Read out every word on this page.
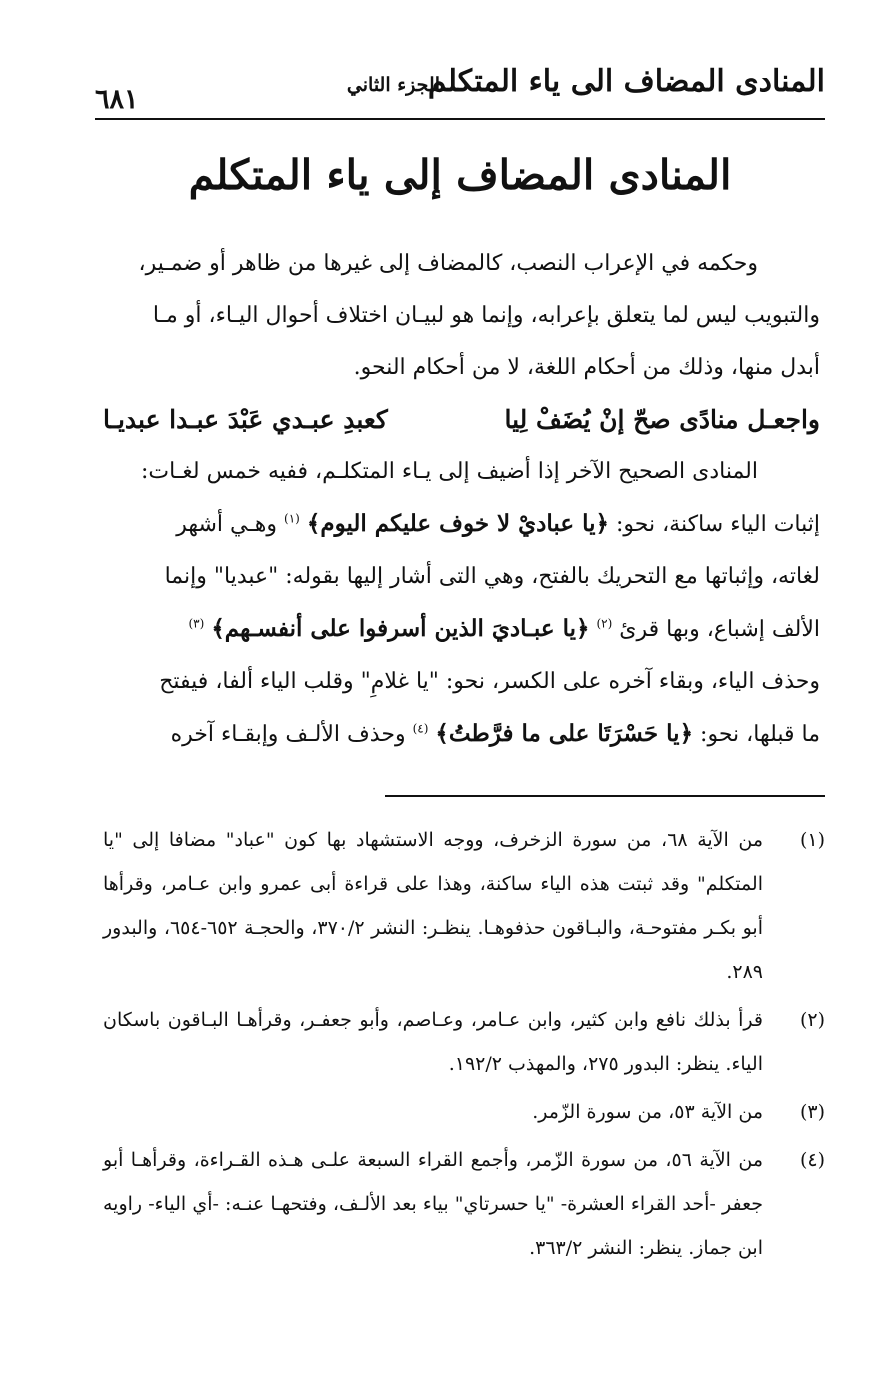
المنادى المضاف الى ياء المتكلم
الجزء الثاني
٦٨١
المنادى المضاف إلى ياء المتكلم

وحكمه في الإعراب النصب، كالمضاف إلى غيرها من ظاهر أو ضمـير،

والتبويب ليس لما يتعلق بإعرابه، وإنما هو لبيـان اختلاف أحوال اليـاء، أو مـا

أبدل منها، وذلك من أحكام اللغة، لا من أحكام النحو.

واجعـل منادًى صحّ إنْ يُضَفْ لِيا
كعبدِ عبـدي عَبْدَ عبـدا عبديـا

المنادى الصحيح الآخر إذا أضيف إلى يـاء المتكلـم، ففيه خمس لغـات:

إثبات الياء ساكنة، نحو: ﴿يا عباديْ لا خوف عليكم اليوم﴾ $^{(١)}$ وهـي أشهر

لغاته، وإثباتها مع التحريك بالفتح، وهي التى أشار إليها بقوله: "عبديا" وإنما

الألف إشباع، وبها قرئ $^{(٢)}$ ﴿يا عبـاديَ الذين أسرفوا على أنفسـهم﴾ $^{(٣)}$

وحذف الياء، وبقاء آخره على الكسر، نحو: "يا غلامِ" وقلب الياء ألفا، فيفتح

ما قبلها، نحو: ﴿يا حَسْرَتَا على ما فرَّطتُ﴾ $^{(٤)}$ وحذف الألـف وإبقـاء آخره

(١)
من الآية ٦٨، من سورة الزخرف، ووجه الاستشهاد بها كون "عباد" مضافا إلى "يا المتكلم" وقد ثبتت هذه الياء ساكنة، وهذا على قراءة أبى عمرو وابن عـامر، وقرأها أبو بكـر مفتوحـة، والبـاقون حذفوهـا. ينظـر: النشر ٣٧٠/٢، والحجـة ٦٥٢-٦٥٤، والبدور ٢٨٩.
(٢)
قرأ بذلك نافع وابن كثير، وابن عـامر، وعـاصم، وأبو جعفـر، وقرأهـا البـاقون باسكان الياء. ينظر: البدور ٢٧٥، والمهذب ١٩٢/٢.
(٣)
من الآية ٥٣، من سورة الزّمر.
(٤)
من الآية ٥٦، من سورة الزّمر، وأجمع القراء السبعة علـى هـذه القـراءة، وقرأهـا أبو جعفر -أحد القراء العشرة- "يا حسرتاي" بياء بعد الألـف، وفتحهـا عنـه: -أي الياء- راويه ابن جماز. ينظر: النشر ٣٦٣/٢.
